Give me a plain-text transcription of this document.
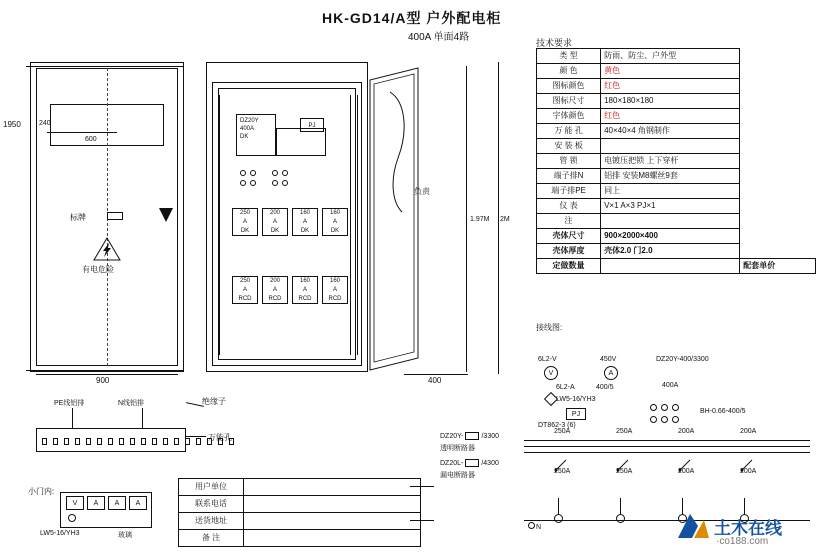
HK-GD14/A型 户外配电柜
400A 单面4路	技术要求
类 型	防雨、防尘、户外型	
颜 色	黄色	
图标颜色	红色	
图标尺寸	180×180×180	
字体颜色	红色	
万 能 孔	40×40×4 角钢制作	
安 装 板		
管 锁	电镀压把锁 上下穿杆	
端子排N	铝排 安装M8螺丝9套	
端子排PE	同上	
仪 表	V×1 A×3 PJ×1	
注		
壳体尺寸	900×2000×400	
壳体厚度	壳体2.0 门2.0	
定做数量		配套单价
接线图:
1950	240
600
标牌
有电危险
DZ20Y
400A
DK
PJ
250
A
DK
200
A
DK
160
A
DK
160
A
DK
250
A
RCD
200
A
RCD
160
A
RCD
160
A
RCD
负责
1.97M 2M
900	400
PE线铝排	N线铝排	绝缘子
万能孔
小门内:
V	A	A	A
LW5-16/YH3	玻璃
用户单位	
联系电话	
送货地址	
备 注	
DZ20Y-	/3300
透明断路器
DZ20L-	/4300
漏电断路器
6L2-V	450V
V	A
6L2-A	400/5
LW5-16/YH3
PJ
DT862-3 (6)
DZ20Y-400/3300
400A
BH-0.66-400/5
250A	250A	200A	200A
250A	250A	200A	200A
N	土木在线
·co188.com
